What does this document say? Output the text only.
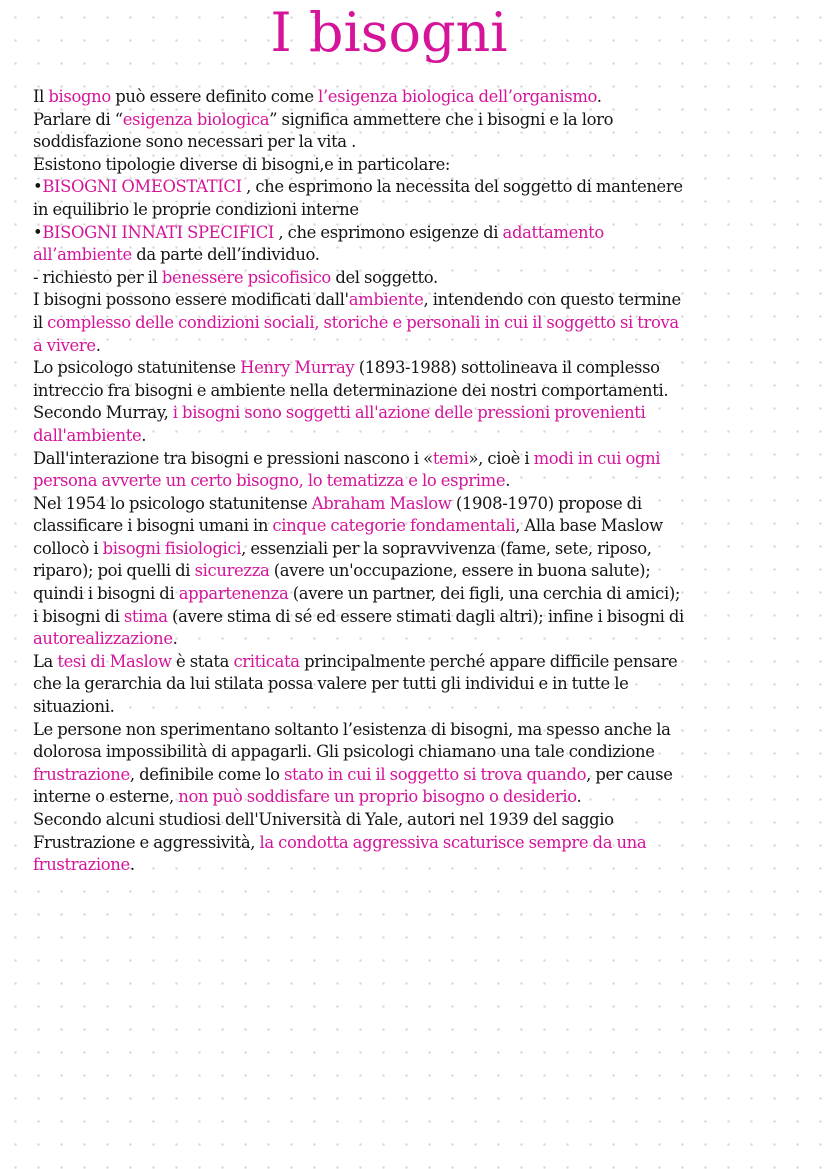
I bisogni
Il bisogno può essere definito come l’esigenza biologica dell’organismo.
Parlare di “esigenza biologica” significa ammettere che i bisogni e la loro
soddisfazione sono necessari per la vita .
Esistono tipologie diverse di bisogni,e in particolare:
•BISOGNI OMEOSTATICI , che esprimono la necessita del soggetto di mantenere
in equilibrio le proprie condizioni interne
•BISOGNI INNATI SPECIFICI , che esprimono esigenze di adattamento
all’ambiente da parte dell’individuo.
- richiesto per il benessere psicofisico del soggetto.
I bisogni possono essere modificati dall'ambiente, intendendo con questo termine
il complesso delle condizioni sociali, storiche e personali in cui il soggetto si trova
a vivere.
Lo psicologo statunitense Henry Murray (1893-1988) sottolineava il complesso
intreccio fra bisogni e ambiente nella determinazione dei nostri comportamenti.
Secondo Murray, i bisogni sono soggetti all'azione delle pressioni provenienti
dall'ambiente.
Dall'interazione tra bisogni e pressioni nascono i «temi», cioè i modi in cui ogni
persona avverte un certo bisogno, lo tematizza e lo esprime.
Nel 1954 lo psicologo statunitense Abraham Maslow (1908-1970) propose di
classificare i bisogni umani in cinque categorie fondamentali, Alla base Maslow
collocò i bisogni fisiologici, essenziali per la sopravvivenza (fame, sete, riposo,
riparo); poi quelli di sicurezza (avere un'occupazione, essere in buona salute);
quindi i bisogni di appartenenza (avere un partner, dei figli, una cerchia di amici);
i bisogni di stima (avere stima di sé ed essere stimati dagli altri); infine i bisogni di
autorealizzazione.
La tesi di Maslow è stata criticata principalmente perché appare difficile pensare
che la gerarchia da lui stilata possa valere per tutti gli individui e in tutte le
situazioni.
Le persone non sperimentano soltanto l’esistenza di bisogni, ma spesso anche la
dolorosa impossibilità di appagarli. Gli psicologi chiamano una tale condizione
frustrazione, definibile come lo stato in cui il soggetto si trova quando, per cause
interne o esterne, non può soddisfare un proprio bisogno o desiderio.
Secondo alcuni studiosi dell'Università di Yale, autori nel 1939 del saggio
Frustrazione e aggressività, la condotta aggressiva scaturisce sempre da una
frustrazione.
